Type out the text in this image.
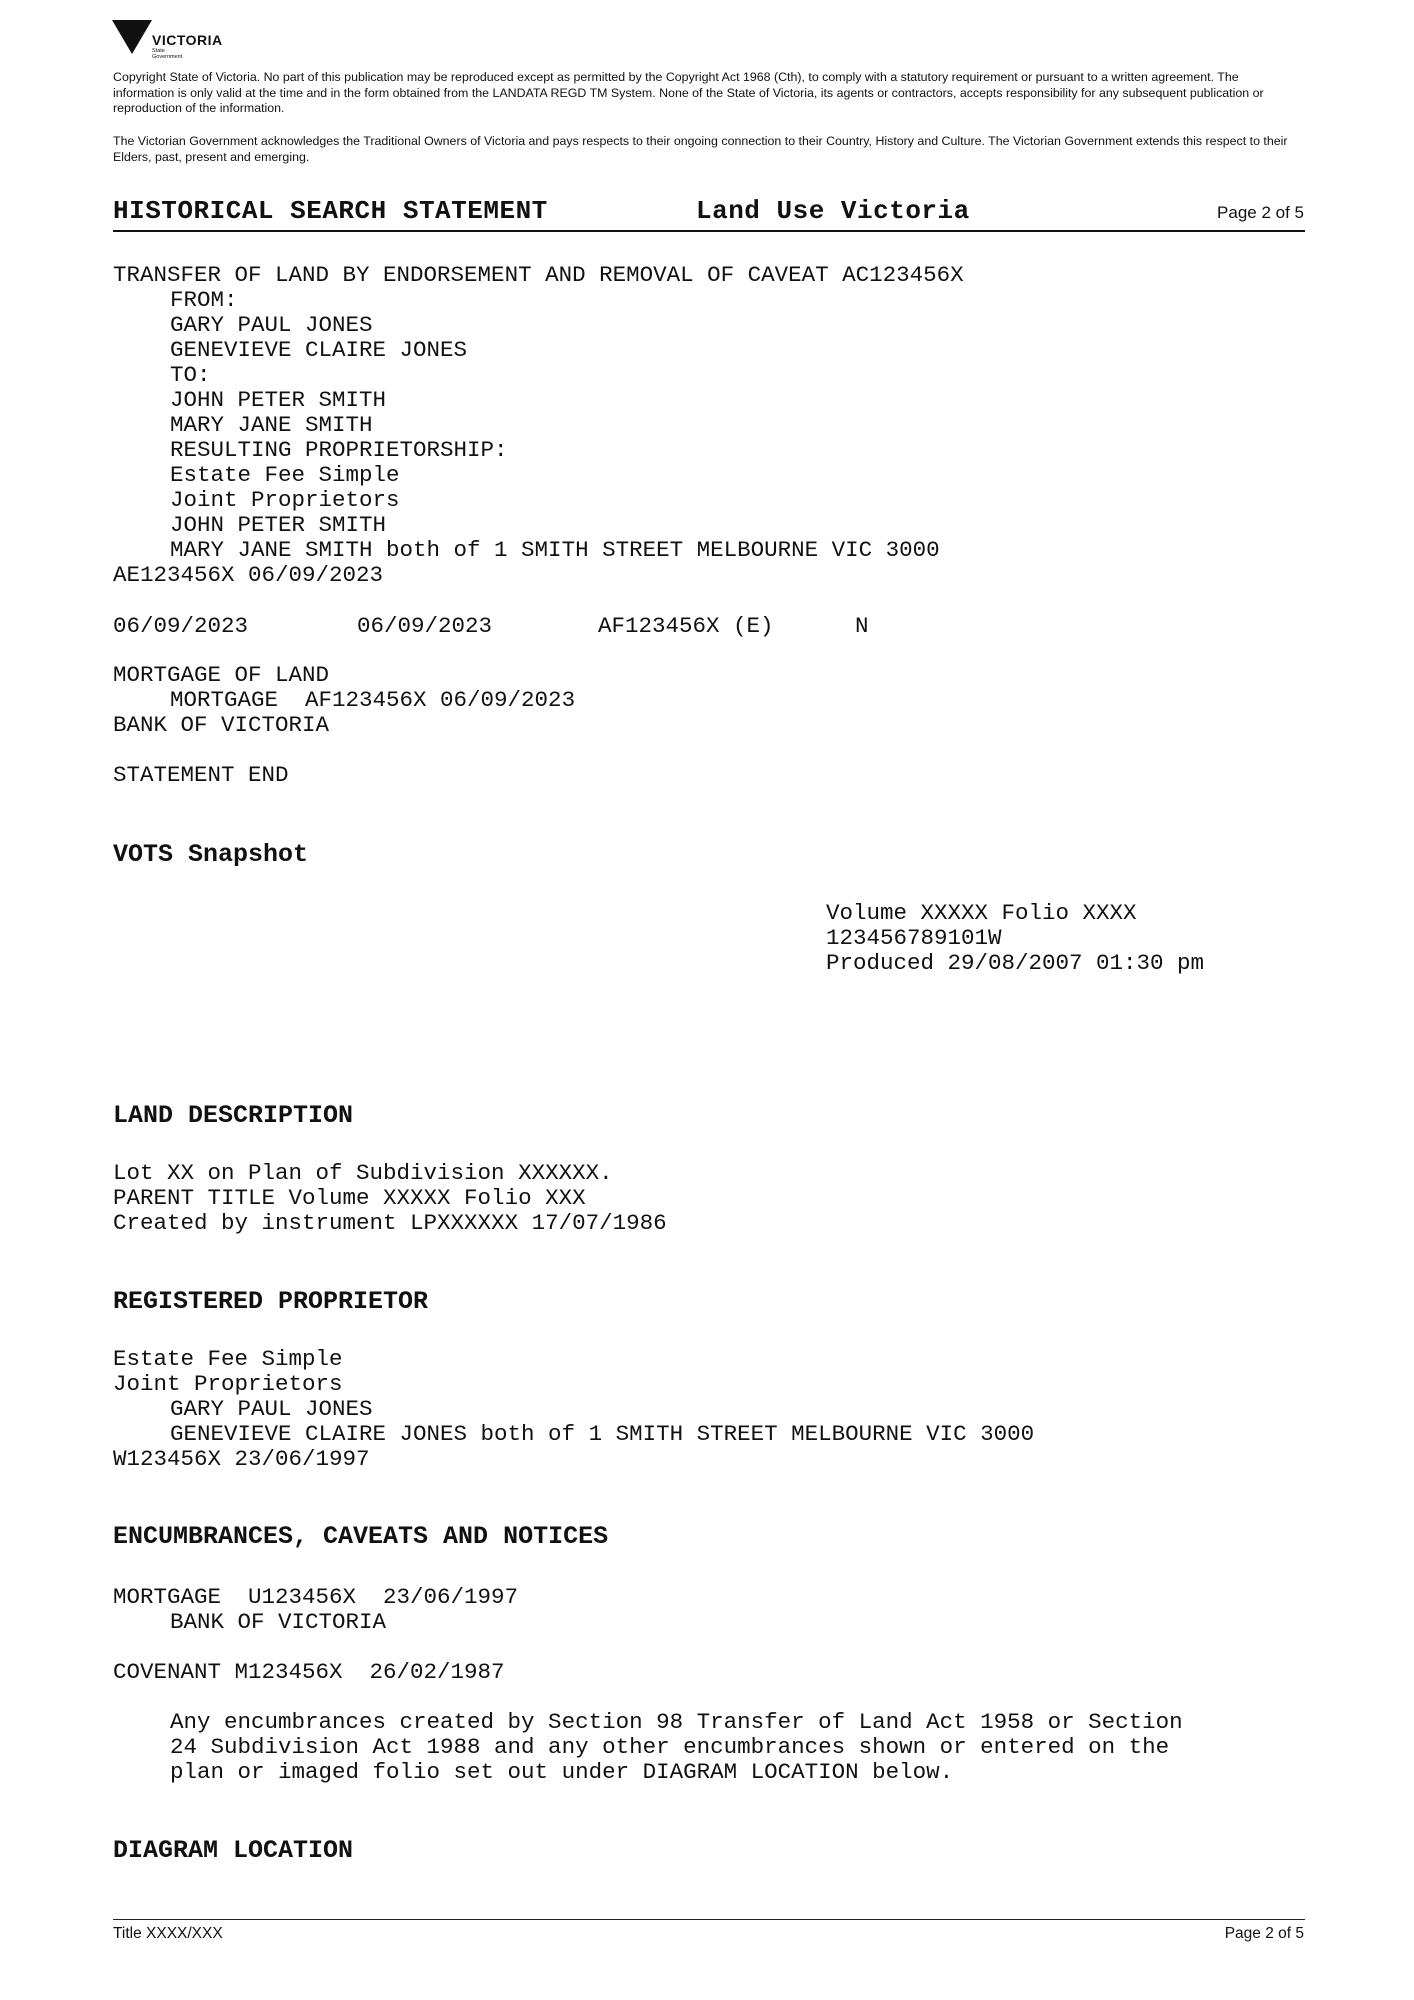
VICTORIA
State
Government
Copyright State of Victoria. No part of this publication may be reproduced except as permitted by the Copyright Act 1968 (Cth), to comply with a statutory requirement or pursuant to a written agreement. The information is only valid at the time and in the form obtained from the LANDATA REGD TM System. None of the State of Victoria, its agents or contractors, accepts responsibility for any subsequent publication or reproduction of the information.
The Victorian Government acknowledges the Traditional Owners of Victoria and pays respects to their ongoing connection to their Country, History and Culture. The Victorian Government extends this respect to their Elders, past, present and emerging.
HISTORICAL SEARCH STATEMENT	Land Use Victoria	Page 2 of 5
TRANSFER OF LAND BY ENDORSEMENT AND REMOVAL OF CAVEAT AC123456X
FROM:
GARY PAUL JONES
GENEVIEVE CLAIRE JONES
TO:
JOHN PETER SMITH
MARY JANE SMITH
RESULTING PROPRIETORSHIP:
Estate Fee Simple
Joint Proprietors
JOHN PETER SMITH
MARY JANE SMITH both of 1 SMITH STREET MELBOURNE VIC 3000
AE123456X 06/09/2023
06/09/2023	06/09/2023	AF123456X (E)	N
MORTGAGE OF LAND
MORTGAGE  AF123456X 06/09/2023
BANK OF VICTORIA
STATEMENT END
VOTS Snapshot
Volume XXXXX Folio XXXX
123456789101W
Produced 29/08/2007 01:30 pm
LAND DESCRIPTION
Lot XX on Plan of Subdivision XXXXXX.
PARENT TITLE Volume XXXXX Folio XXX
Created by instrument LPXXXXXX 17/07/1986
REGISTERED PROPRIETOR
Estate Fee Simple
Joint Proprietors
GARY PAUL JONES
GENEVIEVE CLAIRE JONES both of 1 SMITH STREET MELBOURNE VIC 3000
W123456X 23/06/1997
ENCUMBRANCES, CAVEATS AND NOTICES
MORTGAGE  U123456X  23/06/1997
BANK OF VICTORIA
COVENANT M123456X  26/02/1987
Any encumbrances created by Section 98 Transfer of Land Act 1958 or Section
24 Subdivision Act 1988 and any other encumbrances shown or entered on the
plan or imaged folio set out under DIAGRAM LOCATION below.
DIAGRAM LOCATION
Title XXXX/XXX	Page 2 of 5
